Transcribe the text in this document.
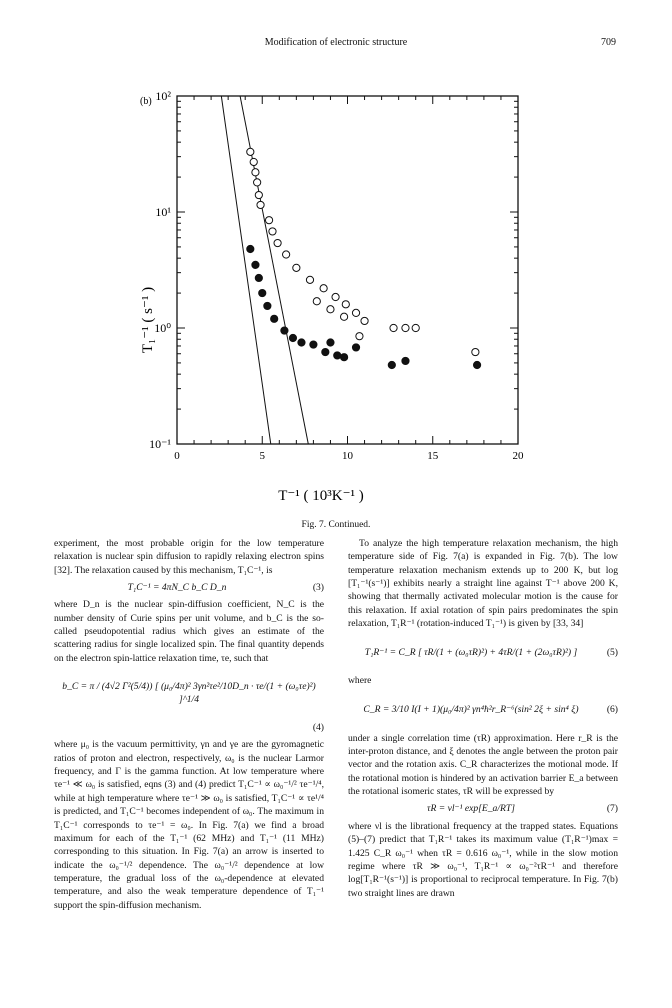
Modification of electronic structure	709
(b)
0	5	10	15	20
10⁻¹
10⁰
10¹
10²
T⁻¹ ( 10³K⁻¹ )
T₁⁻¹ ( s⁻¹ )
Fig. 7. Continued.

experiment, the most probable origin for the low temperature relaxation is nuclear spin diffusion to rapidly relaxing electron spins [32]. The relaxation caused by this mechanism, T₁C⁻¹, is

T₁C⁻¹ = 4πN_C b_C D_n	(3)

where D_n is the nuclear spin-diffusion coefficient, N_C is the number density of Curie spins per unit volume, and b_C is the so-called pseudopotential radius which gives an estimate of the scattering radius for single localized spin. The final quantity depends on the electron spin-lattice relaxation time, τe, such that

b_C = π / (4√2 Γ²(5/4)) [ (μ₀/4π)² 3γn²τe²/10D_n · τe/(1 + (ω₀τe)²) ]^1/4
(4)

where μ₀ is the vacuum permittivity, γn and γe are the gyromagnetic ratios of proton and electron, respectively, ω₀ is the nuclear Larmor frequency, and Γ is the gamma function. At low temperature where τe⁻¹ ≪ ω₀ is satisfied, eqns (3) and (4) predict T₁C⁻¹ ∝ ω₀⁻¹/² τe⁻¹/⁴, while at high temperature where τe⁻¹ ≫ ω₀ is satisfied, T₁C⁻¹ ∝ τe¹/⁴ is predicted, and T₁C⁻¹ becomes independent of ω₀. The maximum in T₁C⁻¹ corresponds to τe⁻¹ = ω₀. In Fig. 7(a) we find a broad maximum for each of the T₁⁻¹ (62 MHz) and T₁⁻¹ (11 MHz) corresponding to this situation. In Fig. 7(a) an arrow is inserted to indicate the ω₀⁻¹/² dependence. The ω₀⁻¹/² dependence at low temperature, the gradual loss of the ω₀-dependence at elevated temperature, and also the weak temperature dependence of T₁⁻¹ support the spin-diffusion mechanism.

To analyze the high temperature relaxation mechanism, the high temperature side of Fig. 7(a) is expanded in Fig. 7(b). The low temperature relaxation mechanism extends up to 200 K, but log [T₁⁻¹(s⁻¹)] exhibits nearly a straight line against T⁻¹ above 200 K, showing that thermally activated molecular motion is the cause for this relaxation. If axial rotation of spin pairs predominates the spin relaxation, T₁R⁻¹ (rotation-induced T₁⁻¹) is given by [33, 34]

T₁R⁻¹ = C_R [ τR/(1 + (ω₀τR)²) + 4τR/(1 + (2ω₀τR)²) ]	(5)

where

C_R = 3/10 I(I + 1)(μ₀/4π)² γn⁴ħ²r_R⁻⁶(sin² 2ξ + sin⁴ ξ)	(6)

under a single correlation time (τR) approximation. Here r_R is the inter-proton distance, and ξ denotes the angle between the proton pair vector and the rotation axis. C_R characterizes the motional mode. If the rotational motion is hindered by an activation barrier E_a between the rotational isomeric states, τR will be expressed by

τR = νl⁻¹ exp[E_a/RT]	(7)

where νl is the librational frequency at the trapped states. Equations (5)–(7) predict that T₁R⁻¹ takes its maximum value (T₁R⁻¹)max = 1.425 C_R ω₀⁻¹ when τR = 0.616 ω₀⁻¹, while in the slow motion regime where τR ≫ ω₀⁻¹, T₁R⁻¹ ∝ ω₀⁻²τR⁻¹ and therefore log[T₁R⁻¹(s⁻¹)] is proportional to reciprocal temperature. In Fig. 7(b) two straight lines are drawn
